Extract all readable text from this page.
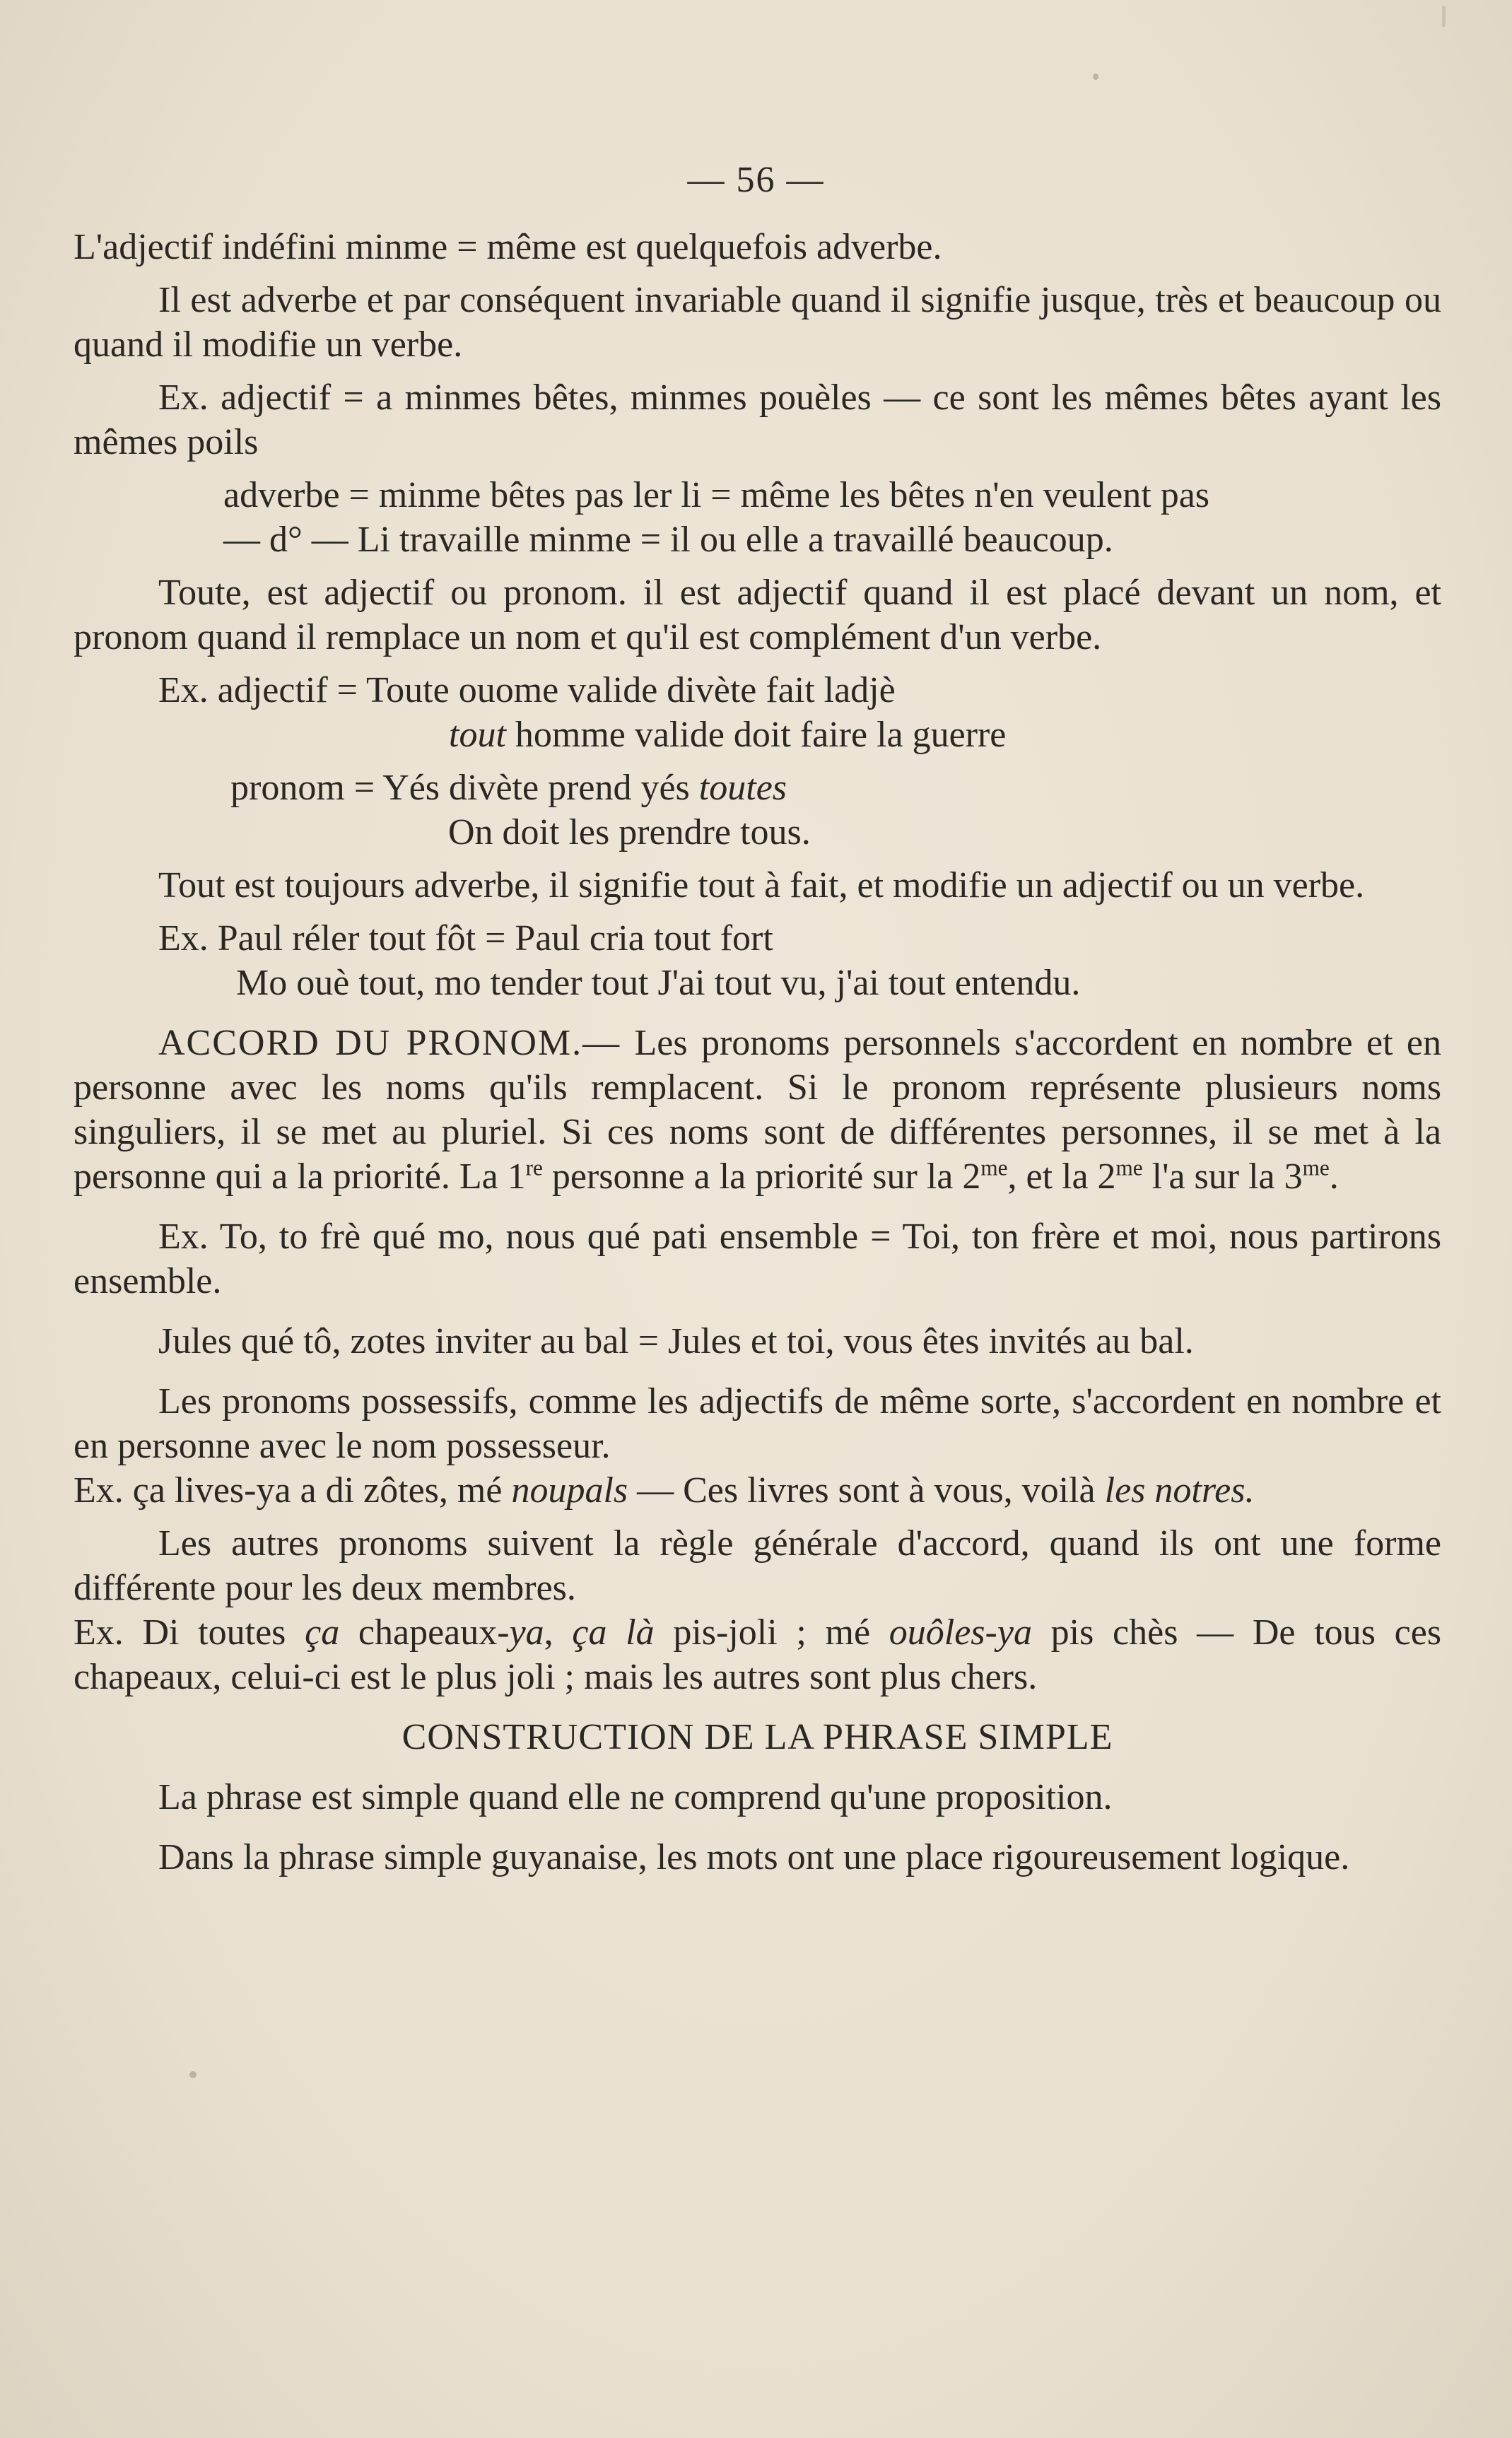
— 56 —

L'adjectif indéfini minme = même est quelquefois adverbe.

Il est adverbe et par conséquent invariable quand il signifie jusque, très et beaucoup ou quand il modifie un verbe.

Ex. adjectif = a minmes bêtes, minmes pouèles — ce sont les mêmes bêtes ayant les mêmes poils

adverbe = minme bêtes pas ler li = même les bêtes n'en veulent pas

— d° — Li travaille minme = il ou elle a travaillé beaucoup.

Toute, est adjectif ou pronom. il est adjectif quand il est placé devant un nom, et pronom quand il remplace un nom et qu'il est complément d'un verbe.

Ex. adjectif = Toute ouome valide divète fait ladjè

tout homme valide doit faire la guerre

pronom = Yés divète prend yés toutes

On doit les prendre tous.

Tout est toujours adverbe, il signifie tout à fait, et modifie un adjectif ou un verbe.

Ex. Paul réler tout fôt = Paul cria tout fort

Mo ouè tout, mo tender tout J'ai tout vu, j'ai tout entendu.

ACCORD DU PRONOM.— Les pronoms personnels s'accordent en nombre et en personne avec les noms qu'ils remplacent. Si le pronom représente plusieurs noms singuliers, il se met au pluriel. Si ces noms sont de différentes personnes, il se met à la personne qui a la priorité. La 1re personne a la priorité sur la $2^{me}$, et la $2^{me}$ l'a sur la $3^{me}$.

Ex. To, to frè qué mo, nous qué pati ensemble = Toi, ton frère et moi, nous partirons ensemble.

Jules qué tô, zotes inviter au bal = Jules et toi, vous êtes invités au bal.

Les pronoms possessifs, comme les adjectifs de même sorte, s'accordent en nombre et en personne avec le nom possesseur.

Ex. ça lives-ya a di zôtes, mé noupals — Ces livres sont à vous, voilà les notres.

Les autres pronoms suivent la règle générale d'accord, quand ils ont une forme différente pour les deux membres.

Ex. Di toutes ça chapeaux-ya, ça là pis-joli ; mé ouôles-ya pis chès — De tous ces chapeaux, celui-ci est le plus joli ; mais les autres sont plus chers.

CONSTRUCTION DE LA PHRASE SIMPLE

La phrase est simple quand elle ne comprend qu'une proposition.

Dans la phrase simple guyanaise, les mots ont une place rigoureusement logique.
